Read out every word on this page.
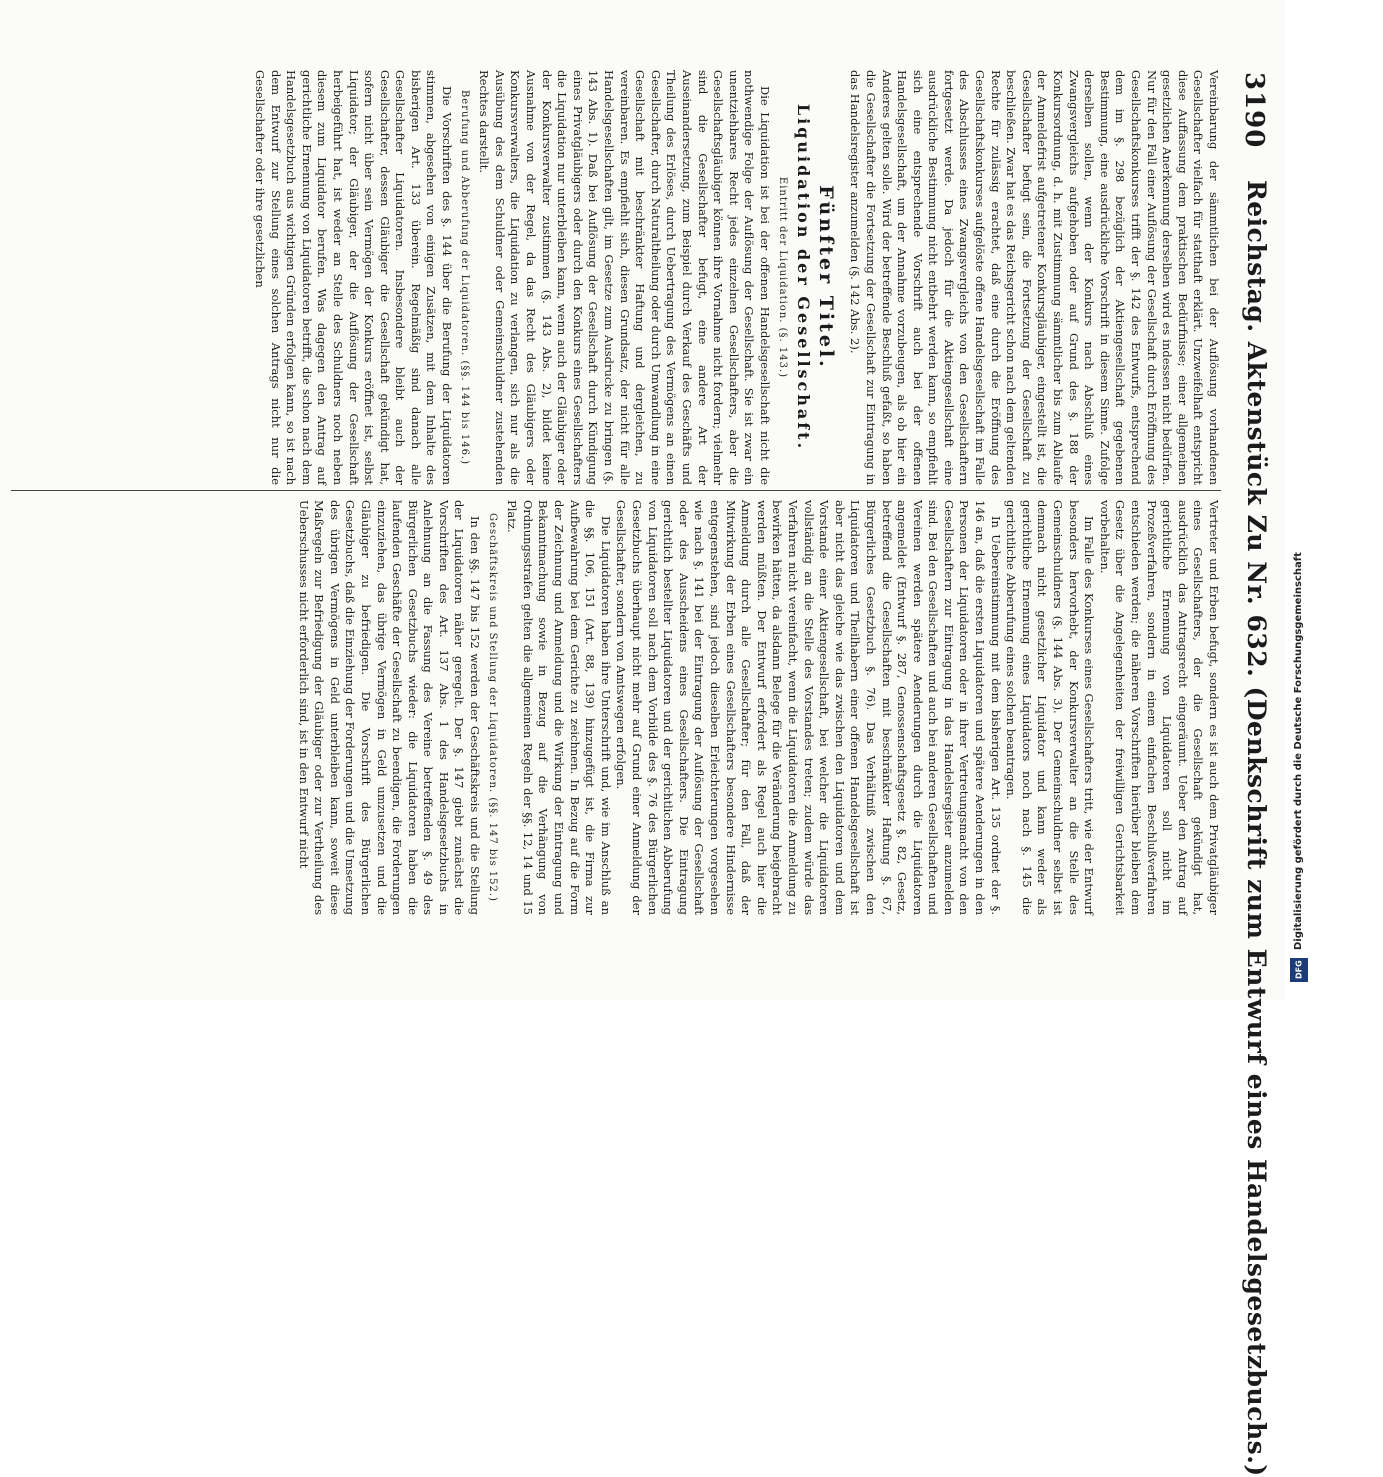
3190
Reichstag. Aktenstück Zu Nr. 632. (Denkschrift zum Entwurf eines Handelsgesetzbuchs.)

Vereinbarung der sämmtlichen bei der Auflösung vorhandenen Gesellschafter vielfach für statthaft erklärt. Unzweifelhaft entspricht diese Auffassung dem praktischen Bedürfnisse; einer allgemeinen gesetzlichen Anerkennung derselben wird es indessen nicht bedürfen. Nur für den Fall einer Auflösung der Gesellschaft durch Eröffnung des Gesellschaftskonkurses trifft der §. 142 des Entwurfs, entsprechend dem im §. 298 bezüglich der Aktiengesellschaft gegebenen Bestimmung, eine ausdrückliche Vorschrift in diesem Sinne. Zufolge derselben sollen, wenn der Konkurs nach Abschluß eines Zwangsvergleichs aufgehoben oder auf Grund des §. 188 der Konkursordnung, d. h. mit Zustimmung sämmtlicher bis zum Ablaufe der Anmeldefrist aufgetretener Konkursgläubiger, eingestellt ist, die Gesellschafter befugt sein, die Fortsetzung der Gesellschaft zu beschließen. Zwar hat es das Reichsgericht schon nach dem geltenden Rechte für zulässig erachtet, daß eine durch die Eröffnung des Gesellschaftskonkurses aufgelöste offene Handelsgesellschaft im Falle des Abschlusses eines Zwangsvergleichs von den Gesellschaftern fortgesetzt werde. Da jedoch für die Aktiengesellschaft eine ausdrückliche Bestimmung nicht entbehrt werden kann, so empfiehlt sich eine entsprechende Vorschrift auch bei der offenen Handelsgesellschaft, um der Annahme vorzubeugen, als ob hier ein Anderes gelten solle. Wird der betreffende Beschluß gefaßt, so haben die Gesellschafter die Fortsetzung der Gesellschaft zur Eintragung in das Handelsregister anzumelden (§. 142 Abs. 2).

Fünfter Titel.
Liquidation der Gesellschaft.
Eintritt der Liquidation. (§. 143.)

Die Liquidation ist bei der offenen Handelsgesellschaft nicht die nothwendige Folge der Auflösung der Gesellschaft. Sie ist zwar ein unentziehbares Recht jedes einzelnen Gesellschafters, aber die Gesellschaftsgläubiger können ihre Vornahme nicht fordern; vielmehr sind die Gesellschafter befugt, eine andere Art der Auseinandersetzung, zum Beispiel durch Verkauf des Geschäfts und Theilung des Erlöses, durch Uebertragung des Vermögens an einen Gesellschafter, durch Naturaltheilung oder durch Umwandlung in eine Gesellschaft mit beschränkter Haftung und dergleichen, zu vereinbaren. Es empfiehlt sich, diesen Grundsatz, der nicht für alle Handelsgesellschaften gilt, im Gesetze zum Ausdrucke zu bringen (§. 143 Abs. 1). Daß bei Auflösung der Gesellschaft durch Kündigung eines Privatgläubigers oder durch den Konkurs eines Gesellschafters die Liquidation nur unterbleiben kann, wenn auch der Gläubiger oder der Konkursverwalter zustimmen (§. 143 Abs. 2), bildet keine Ausnahme von der Regel, da das Recht des Gläubigers oder Konkursverwalters, die Liquidation zu verlangen, sich nur als die Ausübung des dem Schuldner oder Gemeinschuldner zustehenden Rechtes darstellt.

Berufung und Abberufung der Liquidatoren. (§§. 144 bis 146.)

Die Vorschriften des §. 144 über die Berufung der Liquidatoren stimmen, abgesehen von einigen Zusätzen, mit dem Inhalte des bisherigen Art. 133 überein. Regelmäßig sind danach alle Gesellschafter Liquidatoren. Insbesondere bleibt auch der Gesellschafter, dessen Gläubiger die Gesellschaft gekündigt hat, sofern nicht über sein Vermögen der Konkurs eröffnet ist, selbst Liquidator; der Gläubiger, der die Auflösung der Gesellschaft herbeigeführt hat, ist weder an Stelle des Schuldners noch neben diesem zum Liquidator berufen. Was dagegen den Antrag auf gerichtliche Ernennung von Liquidatoren betrifft, die schon nach dem Handelsgesetzbuch aus wichtigen Gründen erfolgen kann, so ist nach dem Entwurf zur Stellung eines solchen Antrags nicht nur die Gesellschafter oder ihre gesetzlichen

Vertreter und Erben befugt, sondern es ist auch dem Privatgläubiger eines Gesellschafters, der die Gesellschaft gekündigt hat, ausdrücklich das Antragsrecht eingeräumt. Ueber den Antrag auf gerichtliche Ernennung von Liquidatoren soll nicht im Prozeßverfahren, sondern in einem einfachen Beschlußverfahren entschieden werden; die näheren Vorschriften hierüber bleiben dem Gesetz über die Angelegenheiten der freiwilligen Gerichtsbarkeit vorbehalten.

Im Falle des Konkurses eines Gesellschafters tritt, wie der Entwurf besonders hervorhebt, der Konkursverwalter an die Stelle des Gemeinschuldners (§. 144 Abs. 3). Der Gemeinschuldner selbst ist demnach nicht gesetzlicher Liquidator und kann weder als gerichtliche Ernennung eines Liquidators noch nach §. 145 die gerichtliche Abberufung eines solchen beantragen.

In Uebereinstimmung mit dem bisherigen Art. 135 ordnet der §. 146 an, daß die ersten Liquidatoren und spätere Aenderungen in den Personen der Liquidatoren oder in ihrer Vertretungsmacht von den Gesellschaftern zur Eintragung in das Handelsregister anzumelden sind. Bei den Gesellschaften und auch bei anderen Gesellschaften und Vereinen werden spätere Aenderungen durch die Liquidatoren angemeldet (Entwurf §. 287, Genossenschaftsgesetz §. 82, Gesetz, betreffend die Gesellschaften mit beschränkter Haftung §. 67, Bürgerliches Gesetzbuch §. 76). Das Verhältniß zwischen den Liquidatoren und Theilhabern einer offenen Handelsgesellschaft ist aber nicht das gleiche wie das zwischen den Liquidatoren und dem Vorstande einer Aktiengesellschaft, bei welcher die Liquidatoren vollständig an die Stelle des Vorstandes treten; zudem würde das Verfahren nicht vereinfacht, wenn die Liquidatoren die Anmeldung zu bewirken hätten, da alsdann Belege für die Veränderung beigebracht werden müßten. Der Entwurf erfordert als Regel auch hier die Anmeldung durch alle Gesellschafter; für den Fall, daß der Mitwirkung der Erben eines Gesellschafters besondere Hindernisse entgegenstehen, sind jedoch dieselben Erleichterungen vorgesehen wie nach §. 141 bei der Eintragung der Auflösung der Gesellschaft oder des Ausscheidens eines Gesellschafters. Die Eintragung gerichtlich bestellter Liquidatoren und der gerichtlichen Abberufung von Liquidatoren soll nach dem Vorbilde des §. 76 des Bürgerlichen Gesetzbuchs überhaupt nicht mehr auf Grund einer Anmeldung der Gesellschafter, sondern von Amtswegen erfolgen.

Die Liquidatoren haben ihre Unterschrift und, wie im Anschluß an die §§. 106, 151 (Art. 88, 139) hinzugefügt ist, die Firma zur Aufbewahrung bei dem Gerichte zu zeichnen. In Bezug auf die Form der Zeichnung und Anmeldung und die Wirkung der Eintragung und Bekanntmachung sowie in Bezug auf die Verhängung von Ordnungsstrafen gelten die allgemeinen Regeln der §§. 12, 14 und 15 Platz.

Geschäftskreis und Stellung der Liquidatoren. (§§. 147 bis 152.)

In den §§. 147 bis 152 werden der Geschäftskreis und die Stellung der Liquidatoren näher geregelt. Der §. 147 giebt zunächst die Vorschriften des Art. 137 Abs. 1 des Handelsgesetzbuchs in Anlehnung an die Fassung des Vereine betreffenden §. 49 des Bürgerlichen Gesetzbuchs wieder: die Liquidatoren haben die laufenden Geschäfte der Gesellschaft zu beendigen, die Forderungen einzuziehen, das übrige Vermögen in Geld umzusetzen und die Gläubiger zu befriedigen. Die Vorschrift des Bürgerlichen Gesetzbuchs, daß die Einziehung der Forderungen und die Umsetzung des übrigen Vermögens in Geld unterbleiben kann, soweit diese Maßregeln zur Befriedigung der Gläubiger oder zur Vertheilung des Ueberschusses nicht erforderlich sind, ist in den Entwurf nicht	Digitalisierung gefördert durch die Deutsche Forschungsgemeinschaft
DFG
